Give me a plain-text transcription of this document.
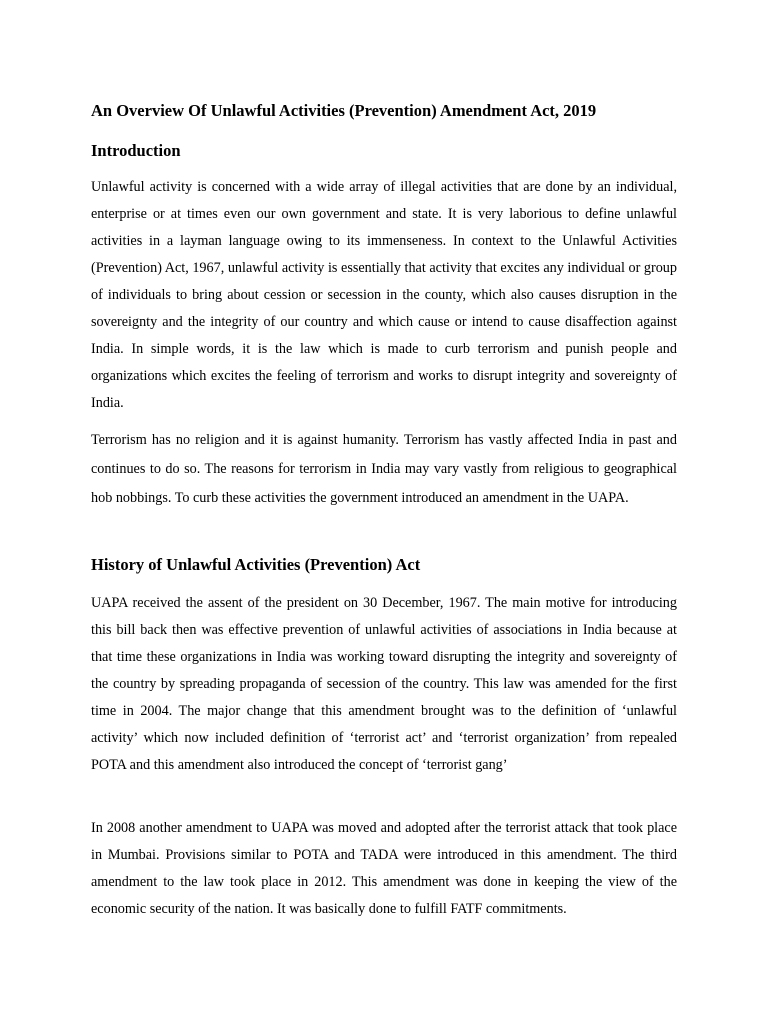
An Overview Of Unlawful Activities (Prevention) Amendment Act, 2019
Introduction

Unlawful activity is concerned with a wide array of illegal activities that are done by an individual, enterprise or at times even our own government and state. It is very laborious to define unlawful activities in a layman language owing to its immenseness. In context to the Unlawful Activities (Prevention) Act, 1967, unlawful activity is essentially that activity that excites any individual or group of individuals to bring about cession or secession in the county, which also causes disruption in the sovereignty and the integrity of our country and which cause or intend to cause disaffection against India. In simple words, it is the law which is made to curb terrorism and punish people and organizations which excites the feeling of terrorism and works to disrupt integrity and sovereignty of India.

Terrorism has no religion and it is against humanity. Terrorism has vastly affected India in past and continues to do so. The reasons for terrorism in India may vary vastly from religious to geographical hob nobbings. To curb these activities the government introduced an amendment in the UAPA.

History of Unlawful Activities (Prevention) Act

UAPA received the assent of the president on 30 December, 1967. The main motive for introducing this bill back then was effective prevention of unlawful activities of associations in India because at that time these organizations in India was working toward disrupting the integrity and sovereignty of the country by spreading propaganda of secession of the country. This law was amended for the first time in 2004. The major change that this amendment brought was to the definition of ‘unlawful activity’ which now included definition of ‘terrorist act’ and ‘terrorist organization’ from repealed POTA and this amendment also introduced the concept of ‘terrorist gang’

In 2008 another amendment to UAPA was moved and adopted after the terrorist attack that took place in Mumbai. Provisions similar to POTA and TADA were introduced in this amendment. The third amendment to the law took place in 2012. This amendment was done in keeping the view of the economic security of the nation. It was basically done to fulfill FATF commitments.
